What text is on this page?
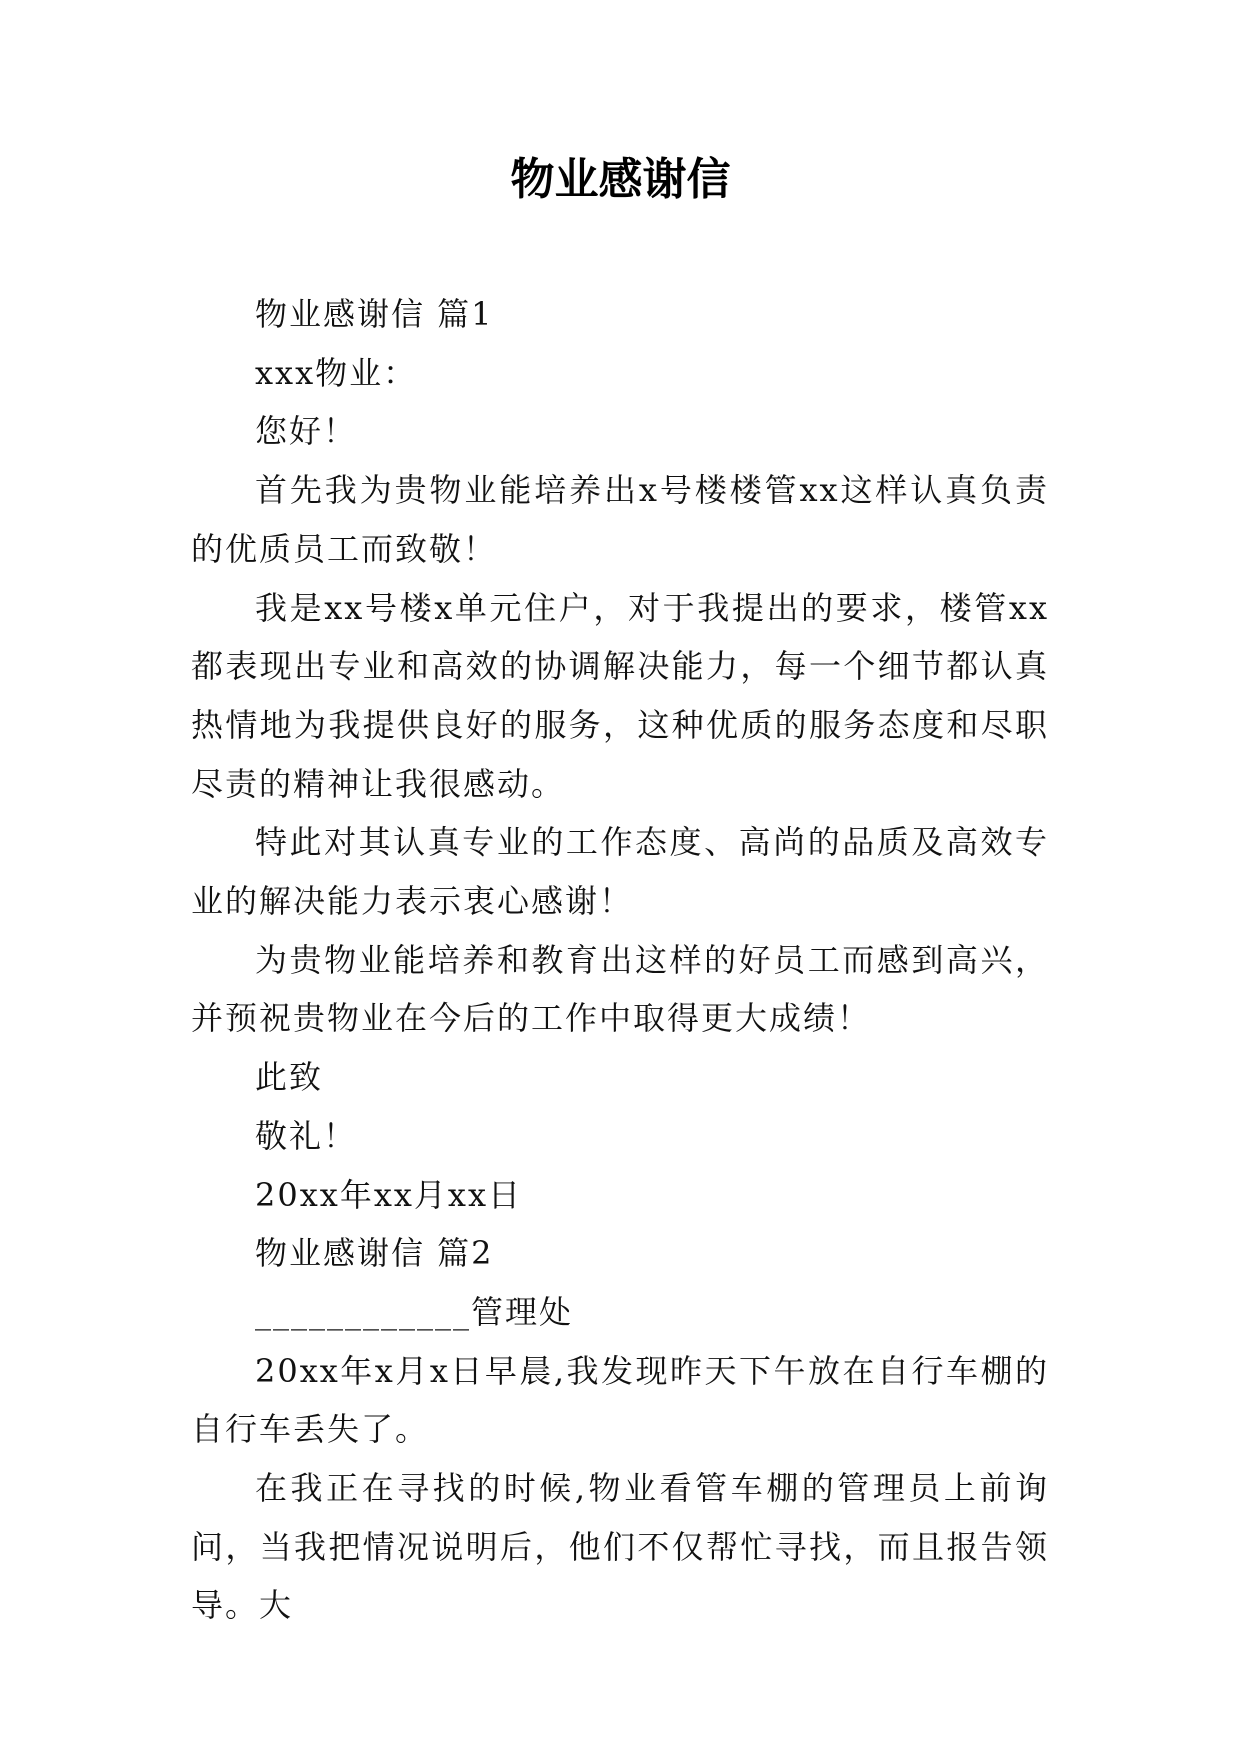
物业感谢信

物业感谢信 篇1

xxx物业：

您好！

首先我为贵物业能培养出x号楼楼管xx这样认真负责的优质员工而致敬！

我是xx号楼x单元住户，对于我提出的要求，楼管xx都表现出专业和高效的协调解决能力，每一个细节都认真热情地为我提供良好的服务，这种优质的服务态度和尽职尽责的精神让我很感动。

特此对其认真专业的工作态度、高尚的品质及高效专业的解决能力表示衷心感谢！

为贵物业能培养和教育出这样的好员工而感到高兴，并预祝贵物业在今后的工作中取得更大成绩！

此致

敬礼！

20xx年xx月xx日

物业感谢信 篇2

____________管理处

20xx年x月x日早晨,我发现昨天下午放在自行车棚的自行车丢失了。

在我正在寻找的时候,物业看管车棚的管理员上前询问，当我把情况说明后，他们不仅帮忙寻找，而且报告领导。大
